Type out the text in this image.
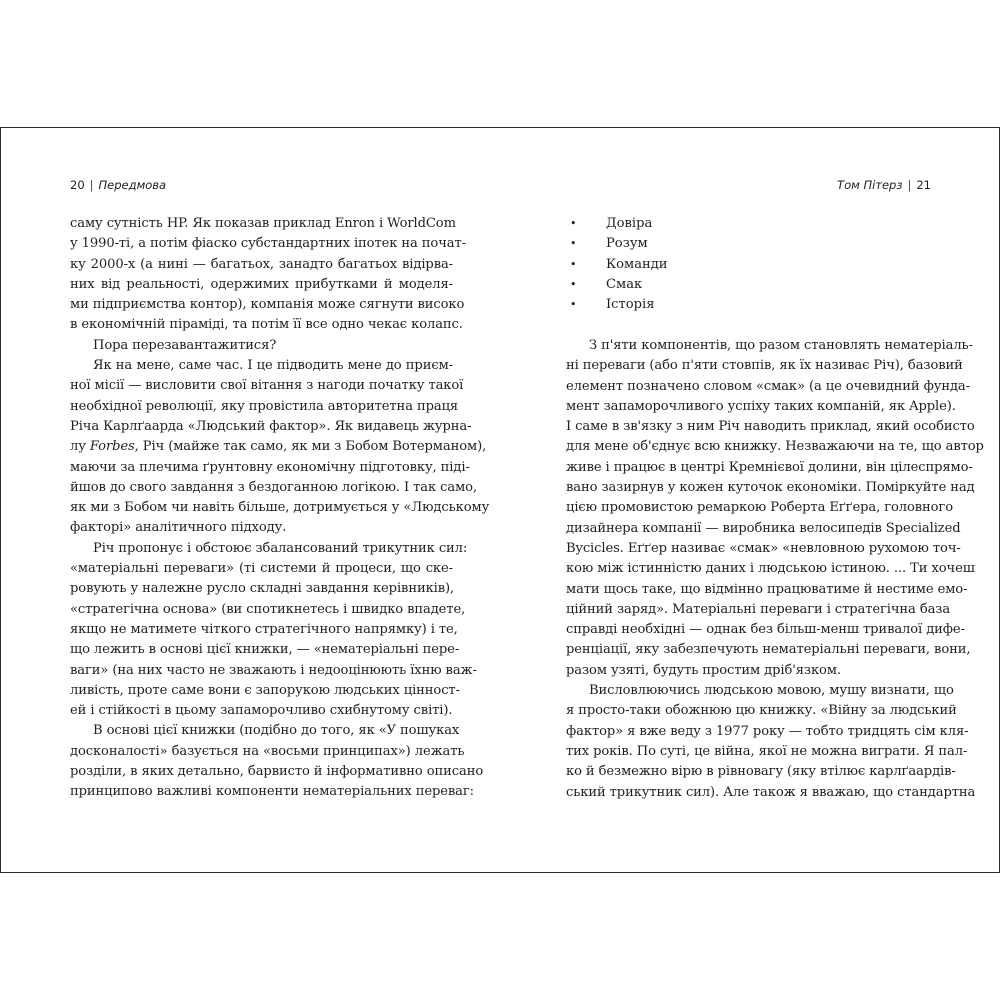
20 | Передмова
саму сутність HP. Як показав приклад Enron і WorldCom
у 1990-ті, а потім фіаско субстандартних іпотек на почат-
ку 2000-х (а нині — багатьох, занадто багатьох відірва-
них від реальності, одержимих прибутками й моделя-
ми підприємства контор), компанія може сягнути високо
в економічній піраміді, та потім її все одно чекає колапс.
Пора перезавантажитися?
Як на мене, саме час. І це підводить мене до приєм-
ної місії — висловити свої вітання з нагоди початку такої
необхідної революції, яку провістила авторитетна праця
Річа Карлґаарда «Людський фактор». Як видавець журна-
лу Forbes, Річ (майже так само, як ми з Бобом Вотерманом),
маючи за плечима ґрунтовну економічну підготовку, піді-
йшов до свого завдання з бездоганною логікою. І так само,
як ми з Бобом чи навіть більше, дотримується у «Людському
факторі» аналітичного підходу.
Річ пропонує і обстоює збалансований трикутник сил:
«матеріальні переваги» (ті системи й процеси, що ске-
ровують у належне русло складні завдання керівників),
«стратегічна основа» (ви спотикнетесь і швидко впадете,
якщо не матимете чіткого стратегічного напрямку) і те,
що лежить в основі цієї книжки, — «нематеріальні пере-
ваги» (на них часто не зважають і недооцінюють їхню важ-
ливість, проте саме вони є запорукою людських цінност-
ей і стійкості в цьому запаморочливо схибнутому світі).
В основі цієї книжки (подібно до того, як «У пошуках
досконалості» базується на «восьми принципах») лежать
розділи, в яких детально, барвисто й інформативно описано
принципово важливі компоненти нематеріальних переваг:
Том Пітерз | 21
• Довіра
• Розум
• Команди
• Смак
• Історія
З п'яти компонентів, що разом становлять нематеріаль-
ні переваги (або п'яти стовпів, як їх називає Річ), базовий
елемент позначено словом «смак» (а це очевидний фунда-
мент запаморочливого успіху таких компаній, як Apple).
І саме в зв'язку з ним Річ наводить приклад, який особисто
для мене об'єднує всю книжку. Незважаючи на те, що автор
живе і працює в центрі Кремнієвої долини, він цілеспрямо-
вано зазирнув у кожен куточок економіки. Поміркуйте над
цією промовистою ремаркою Роберта Еґґера, головного
дизайнера компанії — виробника велосипедів Specialized
Bycicles. Еґґер називає «смак» «невловною рухомою точ-
кою між істинністю даних і людською істиною. ... Ти хочеш
мати щось таке, що відмінно працюватиме й нестиме емо-
ційний заряд». Матеріальні переваги і стратегічна база
справді необхідні — однак без більш-менш тривалої дифе-
ренціації, яку забезпечують нематеріальні переваги, вони,
разом узяті, будуть простим дріб'язком.
Висловлюючись людською мовою, мушу визнати, що
я просто-таки обожнюю цю книжку. «Війну за людський
фактор» я вже веду з 1977 року — тобто тридцять сім кля-
тих років. По суті, це війна, якої не можна виграти. Я пал-
ко й безмежно вірю в рівновагу (яку втілює карлґаардів-
ський трикутник сил). Але також я вважаю, що стандартна
